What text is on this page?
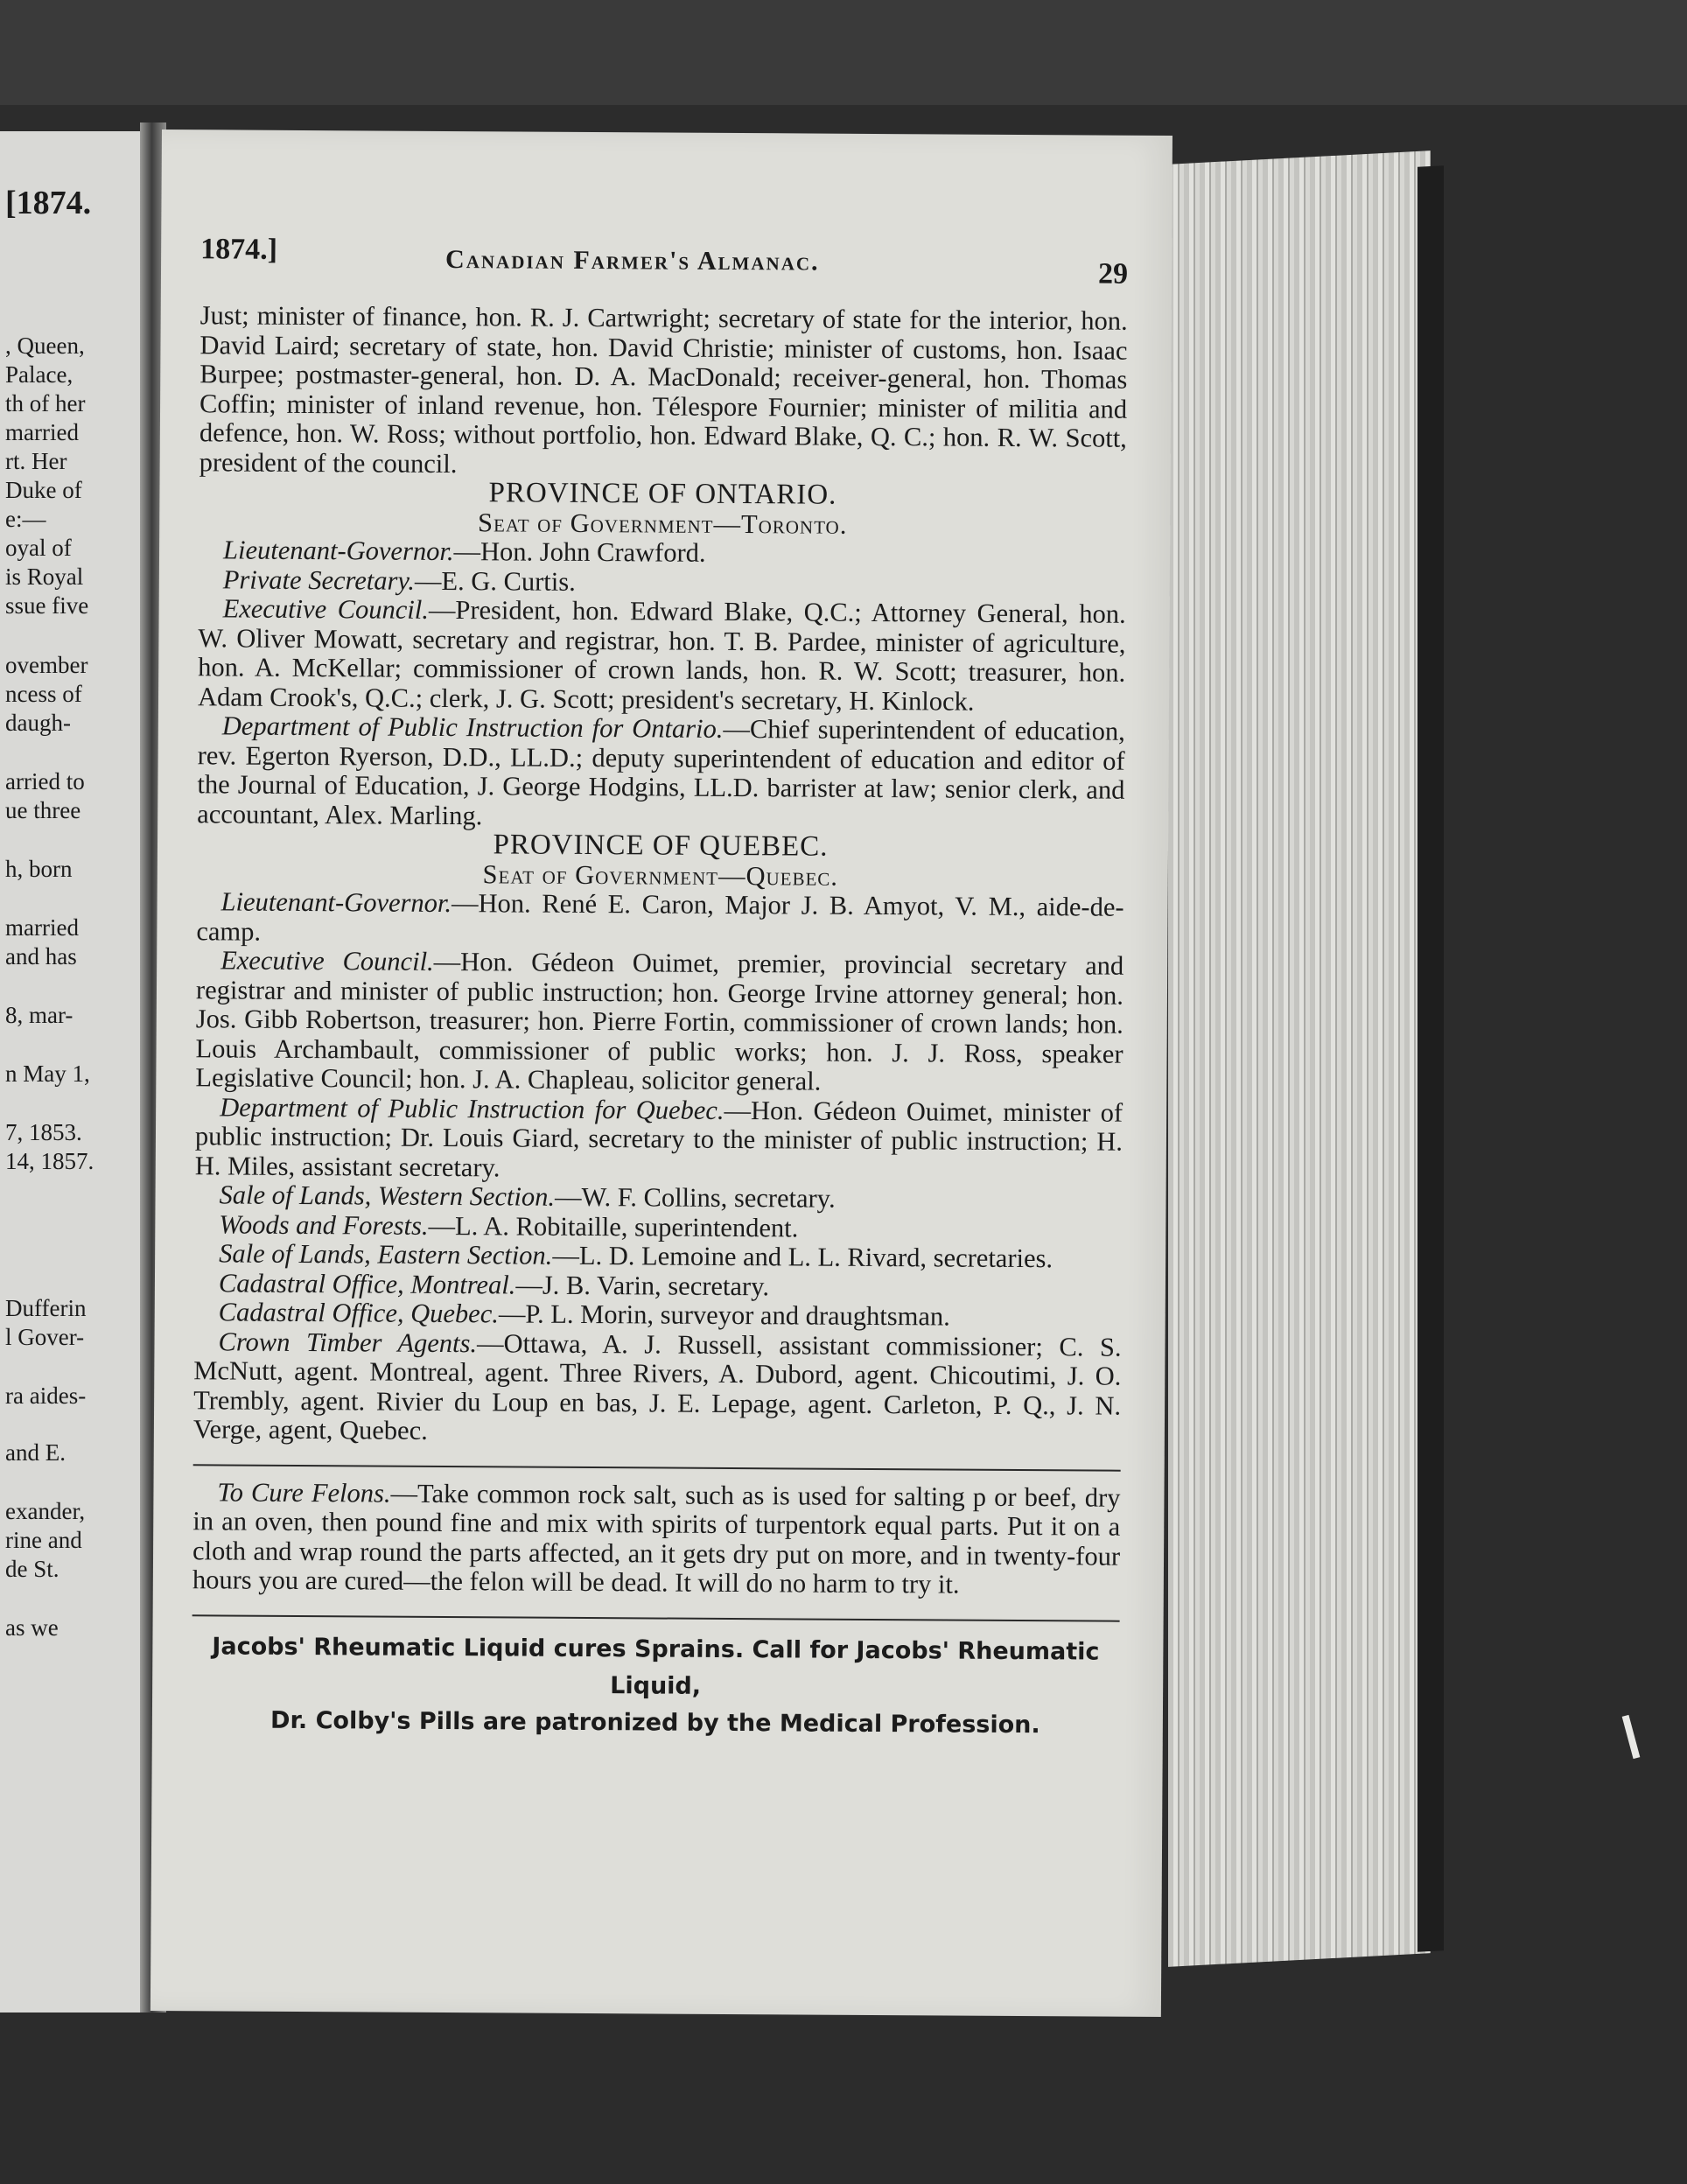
[1874.
, Queen,
Palace,
th of her
married
rt. Her
Duke of
e:—
oyal of
is Royal
ssue five
ovember
ncess of
daugh-
arried to
ue three
h, born
married
and has
8, mar-
n May 1,
7, 1853.
14, 1857.
Dufferin
l Gover-
ra aides-
and E.
exander,
rine and
de St.
as we
1874.]	Canadian Farmer's Almanac.	29

Just; minister of finance, hon. R. J. Cartwright; secretary of state for the interior, hon. David Laird; secretary of state, hon. David Christie; minister of customs, hon. Isaac Burpee; postmaster-general, hon. D. A. MacDonald; receiver-general, hon. Thomas Coffin; minister of inland revenue, hon. Télespore Fournier; minister of militia and defence, hon. W. Ross; without portfolio, hon. Edward Blake, Q. C.; hon. R. W. Scott, president of the council.

PROVINCE OF ONTARIO.

Seat of Government—Toronto.

Lieutenant-Governor.—Hon. John Crawford.

Private Secretary.—E. G. Curtis.

Executive Council.—President, hon. Edward Blake, Q.C.; Attorney General, hon. W. Oliver Mowatt, secretary and registrar, hon. T. B. Pardee, minister of agriculture, hon. A. McKellar; commissioner of crown lands, hon. R. W. Scott; treasurer, hon. Adam Crook's, Q.C.; clerk, J. G. Scott; president's secretary, H. Kinlock.

Department of Public Instruction for Ontario.—Chief superintendent of education, rev. Egerton Ryerson, D.D., LL.D.; deputy superintendent of education and editor of the Journal of Education, J. George Hodgins, LL.D. barrister at law; senior clerk, and accountant, Alex. Marling.

PROVINCE OF QUEBEC.

Seat of Government—Quebec.

Lieutenant-Governor.—Hon. René E. Caron, Major J. B. Amyot, V. M., aide-de-camp.

Executive Council.—Hon. Gédeon Ouimet, premier, provincial secretary and registrar and minister of public instruction; hon. George Irvine attorney general; hon. Jos. Gibb Robertson, treasurer; hon. Pierre Fortin, commissioner of crown lands; hon. Louis Archambault, commissioner of public works; hon. J. J. Ross, speaker Legislative Council; hon. J. A. Chapleau, solicitor general.

Department of Public Instruction for Quebec.—Hon. Gédeon Ouimet, minister of public instruction; Dr. Louis Giard, secretary to the minister of public instruction; H. H. Miles, assistant secretary.

Sale of Lands, Western Section.—W. F. Collins, secretary.

Woods and Forests.—L. A. Robitaille, superintendent.

Sale of Lands, Eastern Section.—L. D. Lemoine and L. L. Rivard, secretaries.

Cadastral Office, Montreal.—J. B. Varin, secretary.

Cadastral Office, Quebec.—P. L. Morin, surveyor and draughtsman.

Crown Timber Agents.—Ottawa, A. J. Russell, assistant commissioner; C. S. McNutt, agent. Montreal, agent. Three Rivers, A. Dubord, agent. Chicoutimi, J. O. Trembly, agent. Rivier du Loup en bas, J. E. Lepage, agent. Carleton, P. Q., J. N. Verge, agent, Quebec.

To Cure Felons.—Take common rock salt, such as is used for salting p or beef, dry in an oven, then pound fine and mix with spirits of turpentork equal parts. Put it on a cloth and wrap round the parts affected, an it gets dry put on more, and in twenty-four hours you are cured—the felon will be dead. It will do no harm to try it.

Jacobs' Rheumatic Liquid cures Sprains. Call for Jacobs' Rheumatic Liquid,
Dr. Colby's Pills are patronized by the Medical Profession.
